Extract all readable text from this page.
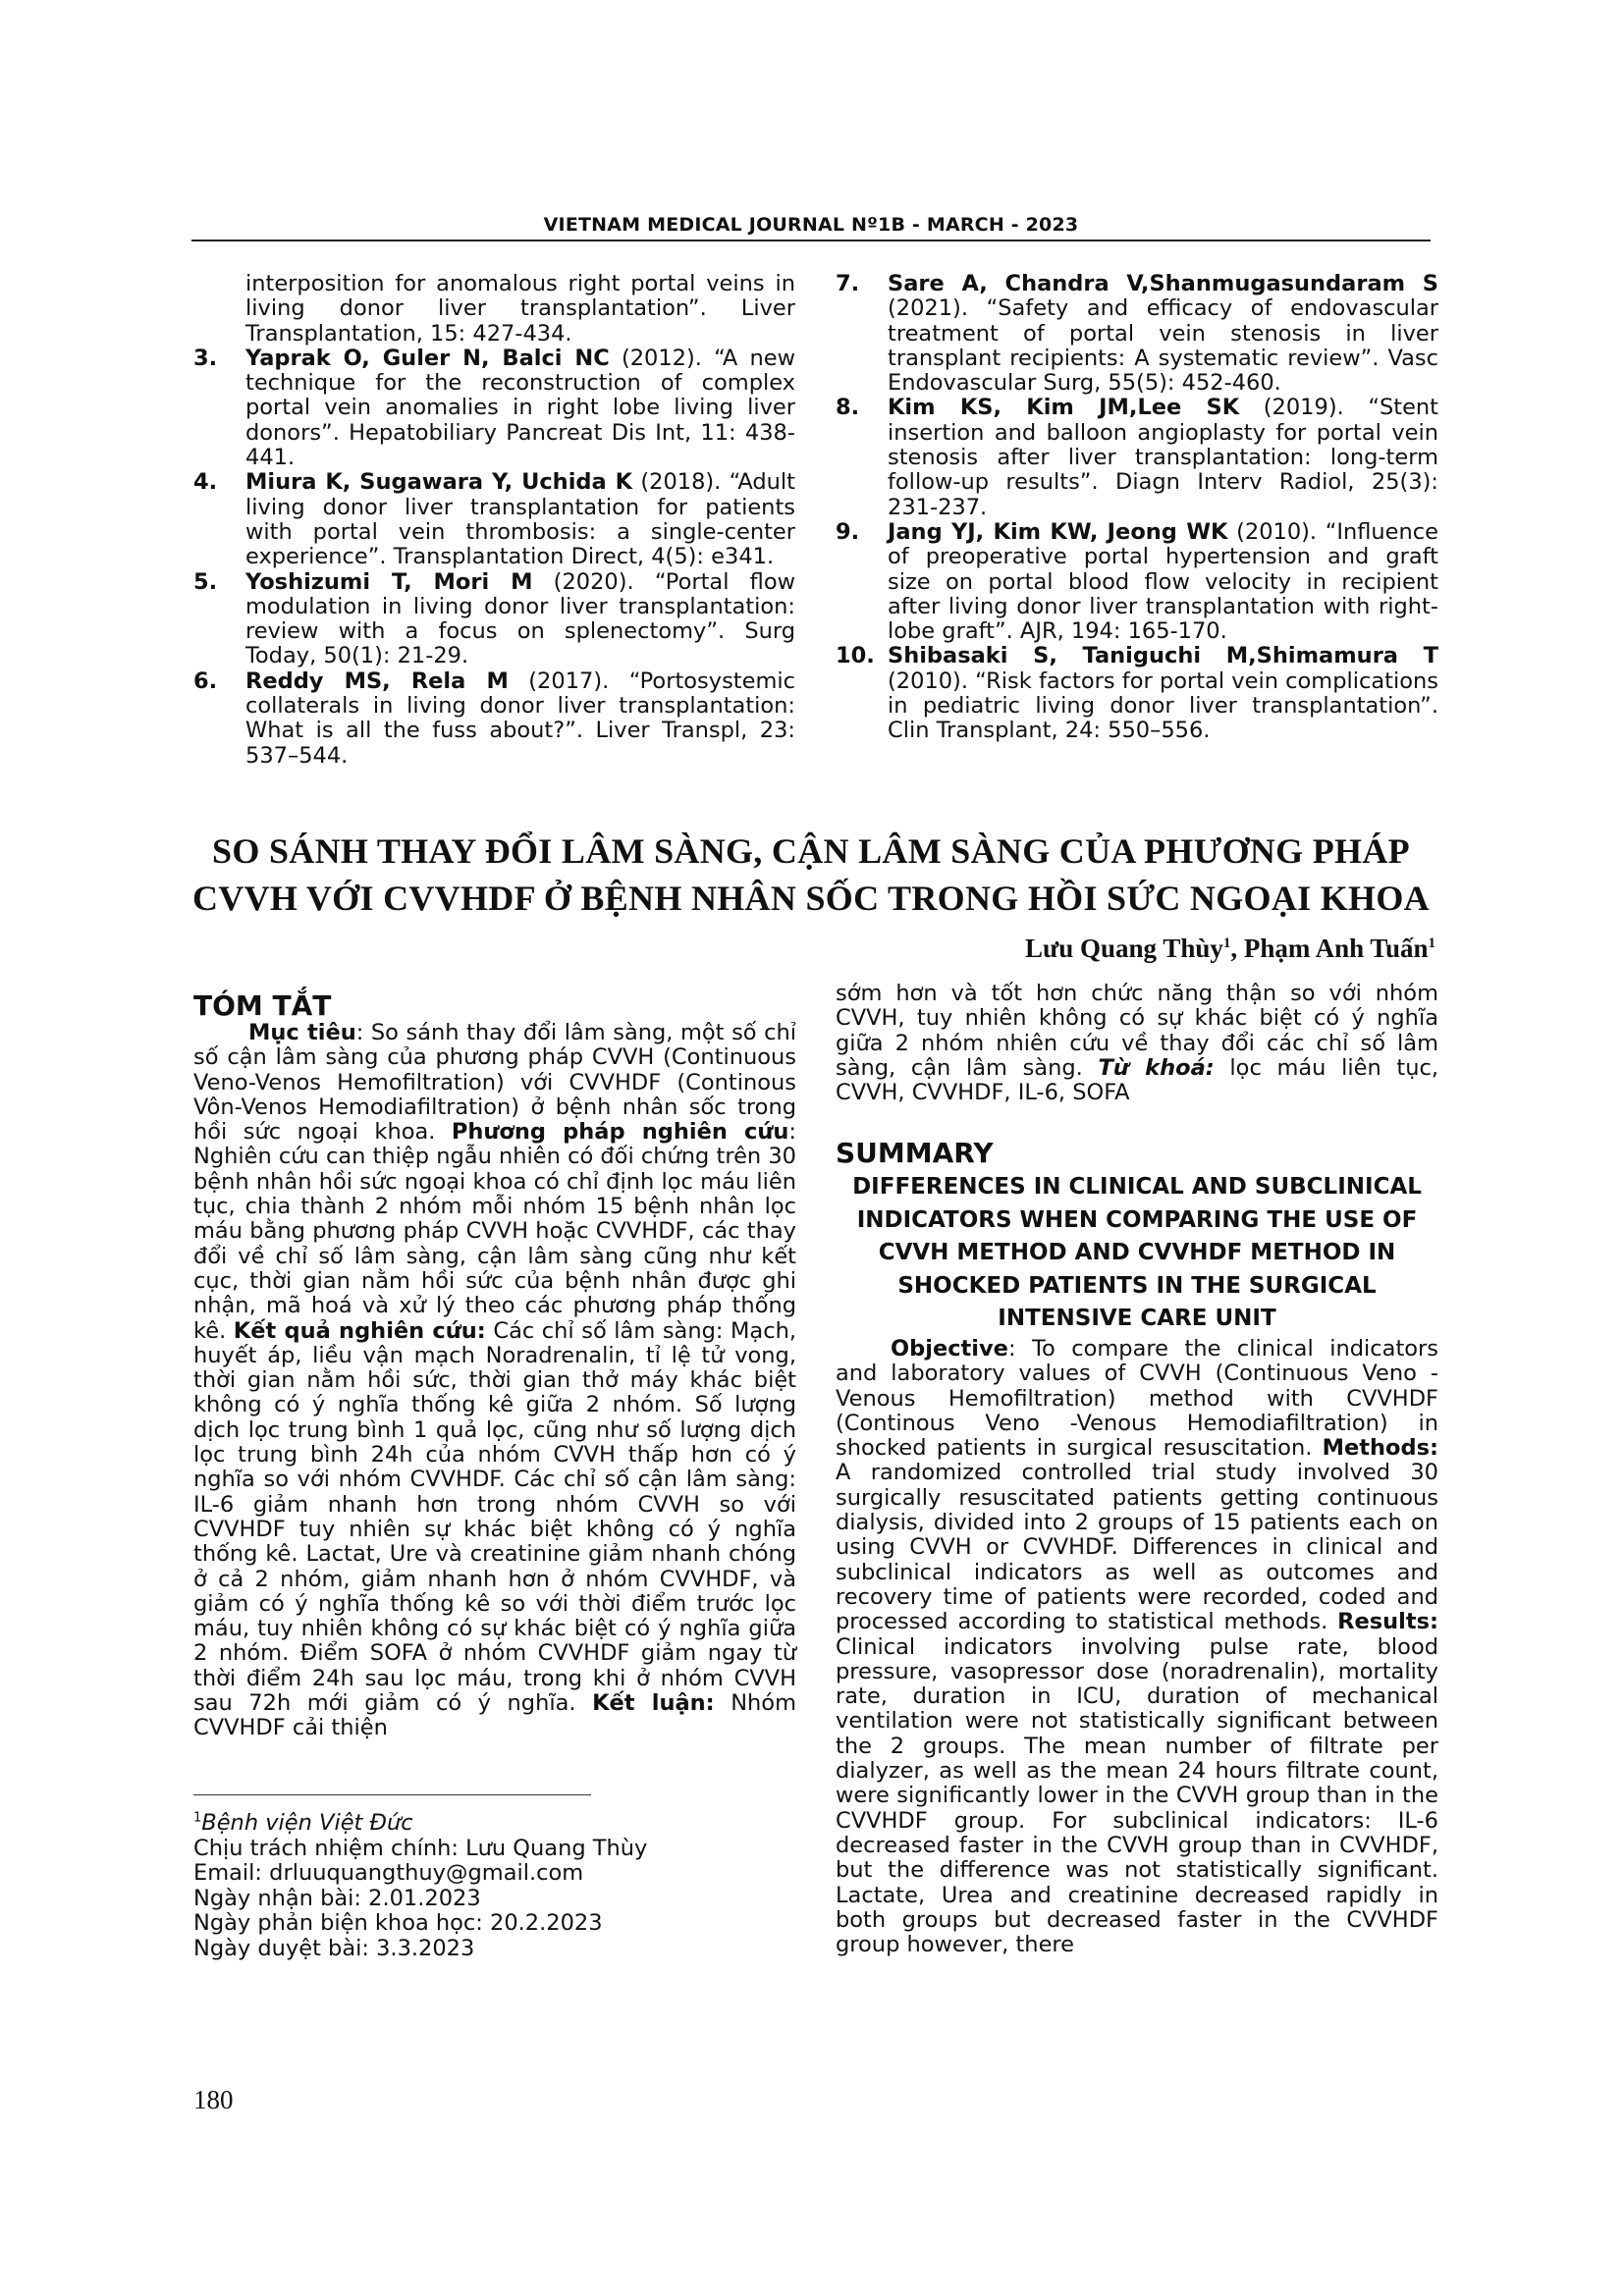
VIETNAM MEDICAL JOURNAL Nº1B - MARCH - 2023
interposition for anomalous right portal veins in living donor liver transplantation”. Liver Transplantation, 15: 427-434.
3. Yaprak O, Guler N, Balci NC (2012). “A new technique for the reconstruction of complex portal vein anomalies in right lobe living liver donors”. Hepatobiliary Pancreat Dis Int, 11: 438-441.
4. Miura K, Sugawara Y, Uchida K (2018). “Adult living donor liver transplantation for patients with portal vein thrombosis: a single-center experience”. Transplantation Direct, 4(5): e341.
5. Yoshizumi T, Mori M (2020). “Portal flow modulation in living donor liver transplantation: review with a focus on splenectomy”. Surg Today, 50(1): 21-29.
6. Reddy MS, Rela M (2017). “Portosystemic collaterals in living donor liver transplantation: What is all the fuss about?”. Liver Transpl, 23: 537–544.
7. Sare A, Chandra V,Shanmugasundaram S (2021). “Safety and efficacy of endovascular treatment of portal vein stenosis in liver transplant recipients: A systematic review”. Vasc Endovascular Surg, 55(5): 452-460.
8. Kim KS, Kim JM,Lee SK (2019). “Stent insertion and balloon angioplasty for portal vein stenosis after liver transplantation: long-term follow-up results”. Diagn Interv Radiol, 25(3): 231-237.
9. Jang YJ, Kim KW, Jeong WK (2010). “Influence of preoperative portal hypertension and graft size on portal blood flow velocity in recipient after living donor liver transplantation with right-lobe graft”. AJR, 194: 165-170.
10. Shibasaki S, Taniguchi M,Shimamura T (2010). “Risk factors for portal vein complications in pediatric living donor liver transplantation”. Clin Transplant, 24: 550–556.
SO SÁNH THAY ĐỔI LÂM SÀNG, CẬN LÂM SÀNG CỦA PHƯƠNG PHÁP
CVVH VỚI CVVHDF Ở BỆNH NHÂN SỐC TRONG HỒI SỨC NGOẠI KHOA
Lưu Quang Thùy$^1$, Phạm Anh Tuấn$^1$
TÓM TẮT

Mục tiêu: So sánh thay đổi lâm sàng, một số chỉ số cận lâm sàng của phương pháp CVVH (Continuous Veno-Venos Hemofiltration) với CVVHDF (Continous Vôn-Venos Hemodiafiltration) ở bệnh nhân sốc trong hồi sức ngoại khoa. Phương pháp nghiên cứu: Nghiên cứu can thiệp ngẫu nhiên có đối chứng trên 30 bệnh nhân hồi sức ngoại khoa có chỉ định lọc máu liên tục, chia thành 2 nhóm mỗi nhóm 15 bệnh nhân lọc máu bằng phương pháp CVVH hoặc CVVHDF, các thay đổi về chỉ số lâm sàng, cận lâm sàng cũng như kết cục, thời gian nằm hồi sức của bệnh nhân được ghi nhận, mã hoá và xử lý theo các phương pháp thống kê. Kết quả nghiên cứu: Các chỉ số lâm sàng: Mạch, huyết áp, liều vận mạch Noradrenalin, tỉ lệ tử vong, thời gian nằm hồi sức, thời gian thở máy khác biệt không có ý nghĩa thống kê giữa 2 nhóm. Số lượng dịch lọc trung bình 1 quả lọc, cũng như số lượng dịch lọc trung bình 24h của nhóm CVVH thấp hơn có ý nghĩa so với nhóm CVVHDF. Các chỉ số cận lâm sàng: IL-6 giảm nhanh hơn trong nhóm CVVH so với CVVHDF tuy nhiên sự khác biệt không có ý nghĩa thống kê. Lactat, Ure và creatinine giảm nhanh chóng ở cả 2 nhóm, giảm nhanh hơn ở nhóm CVVHDF, và giảm có ý nghĩa thống kê so với thời điểm trước lọc máu, tuy nhiên không có sự khác biệt có ý nghĩa giữa 2 nhóm. Điểm SOFA ở nhóm CVVHDF giảm ngay từ thời điểm 24h sau lọc máu, trong khi ở nhóm CVVH sau 72h mới giảm có ý nghĩa. Kết luận: Nhóm CVVHDF cải thiện

sớm hơn và tốt hơn chức năng thận so với nhóm CVVH, tuy nhiên không có sự khác biệt có ý nghĩa giữa 2 nhóm nhiên cứu về thay đổi các chỉ số lâm sàng, cận lâm sàng. Từ khoá: lọc máu liên tục, CVVH, CVVHDF, IL-6, SOFA

SUMMARY
DIFFERENCES IN CLINICAL AND SUBCLINICAL INDICATORS WHEN COMPARING THE USE OF CVVH METHOD AND CVVHDF METHOD IN SHOCKED PATIENTS IN THE SURGICAL INTENSIVE CARE UNIT

Objective: To compare the clinical indicators and laboratory values of CVVH (Continuous Veno - Venous Hemofiltration) method with CVVHDF (Continous Veno -Venous Hemodiafiltration) in shocked patients in surgical resuscitation. Methods: A randomized controlled trial study involved 30 surgically resuscitated patients getting continuous dialysis, divided into 2 groups of 15 patients each on using CVVH or CVVHDF. Differences in clinical and subclinical indicators as well as outcomes and recovery time of patients were recorded, coded and processed according to statistical methods. Results: Clinical indicators involving pulse rate, blood pressure, vasopressor dose (noradrenalin), mortality rate, duration in ICU, duration of mechanical ventilation were not statistically significant between the 2 groups. The mean number of filtrate per dialyzer, as well as the mean 24 hours filtrate count, were significantly lower in the CVVH group than in the CVVHDF group. For subclinical indicators: IL-6 decreased faster in the CVVH group than in CVVHDF, but the difference was not statistically significant. Lactate, Urea and creatinine decreased rapidly in both groups but decreased faster in the CVVHDF group however, there

$^1$Bệnh viện Việt Đức
Chịu trách nhiệm chính: Lưu Quang Thùy
Email: drluuquangthuy@gmail.com
Ngày nhận bài: 2.01.2023
Ngày phản biện khoa học: 20.2.2023
Ngày duyệt bài: 3.3.2023
180
